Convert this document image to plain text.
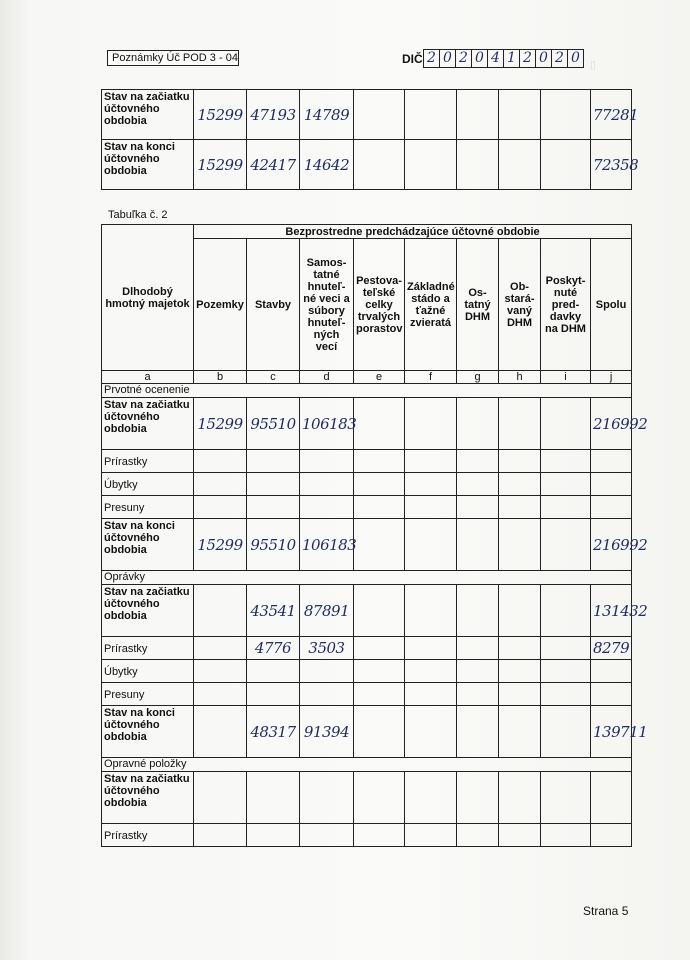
▯
Poznámky Úč POD 3 - 04	DIČ 2 0 2 0 4 1 2 0 2 0
Stav na začiatku účtovného obdobia	15299	47193	14789						77281
Stav na konci účtovného obdobia	15299	42417	14642						72358
Tabuľka č. 2
Dlhodobý hmotný majetok	Bezprostredne predchádzajúce účtovné obdobie								
	Pozemky	Stavby	Samos-tatné hnuteľ-né veci a súbory hnuteľ-ných vecí	Pestova-teľské celky trvalých porastov	Základné stádo a ťažné zvieratá	Os-tatný DHM	Ob-stará-vaný DHM	Poskyt-nuté pred-davky na DHM	Spolu
a	b	c	d	e	f	g	h	i	j
Prvotné ocenenie									
Stav na začiatku účtovného obdobia	15299	95510	106183						216992
Prírastky									
Úbytky									
Presuny									
Stav na konci účtovného obdobia	15299	95510	106183						216992
Oprávky									
Stav na začiatku účtovného obdobia		43541	87891						131432
Prírastky		4776	3503						8279
Úbytky									
Presuny									
Stav na konci účtovného obdobia		48317	91394						139711
Opravné položky									
Stav na začiatku účtovného obdobia									
Prírastky									
Strana 5
